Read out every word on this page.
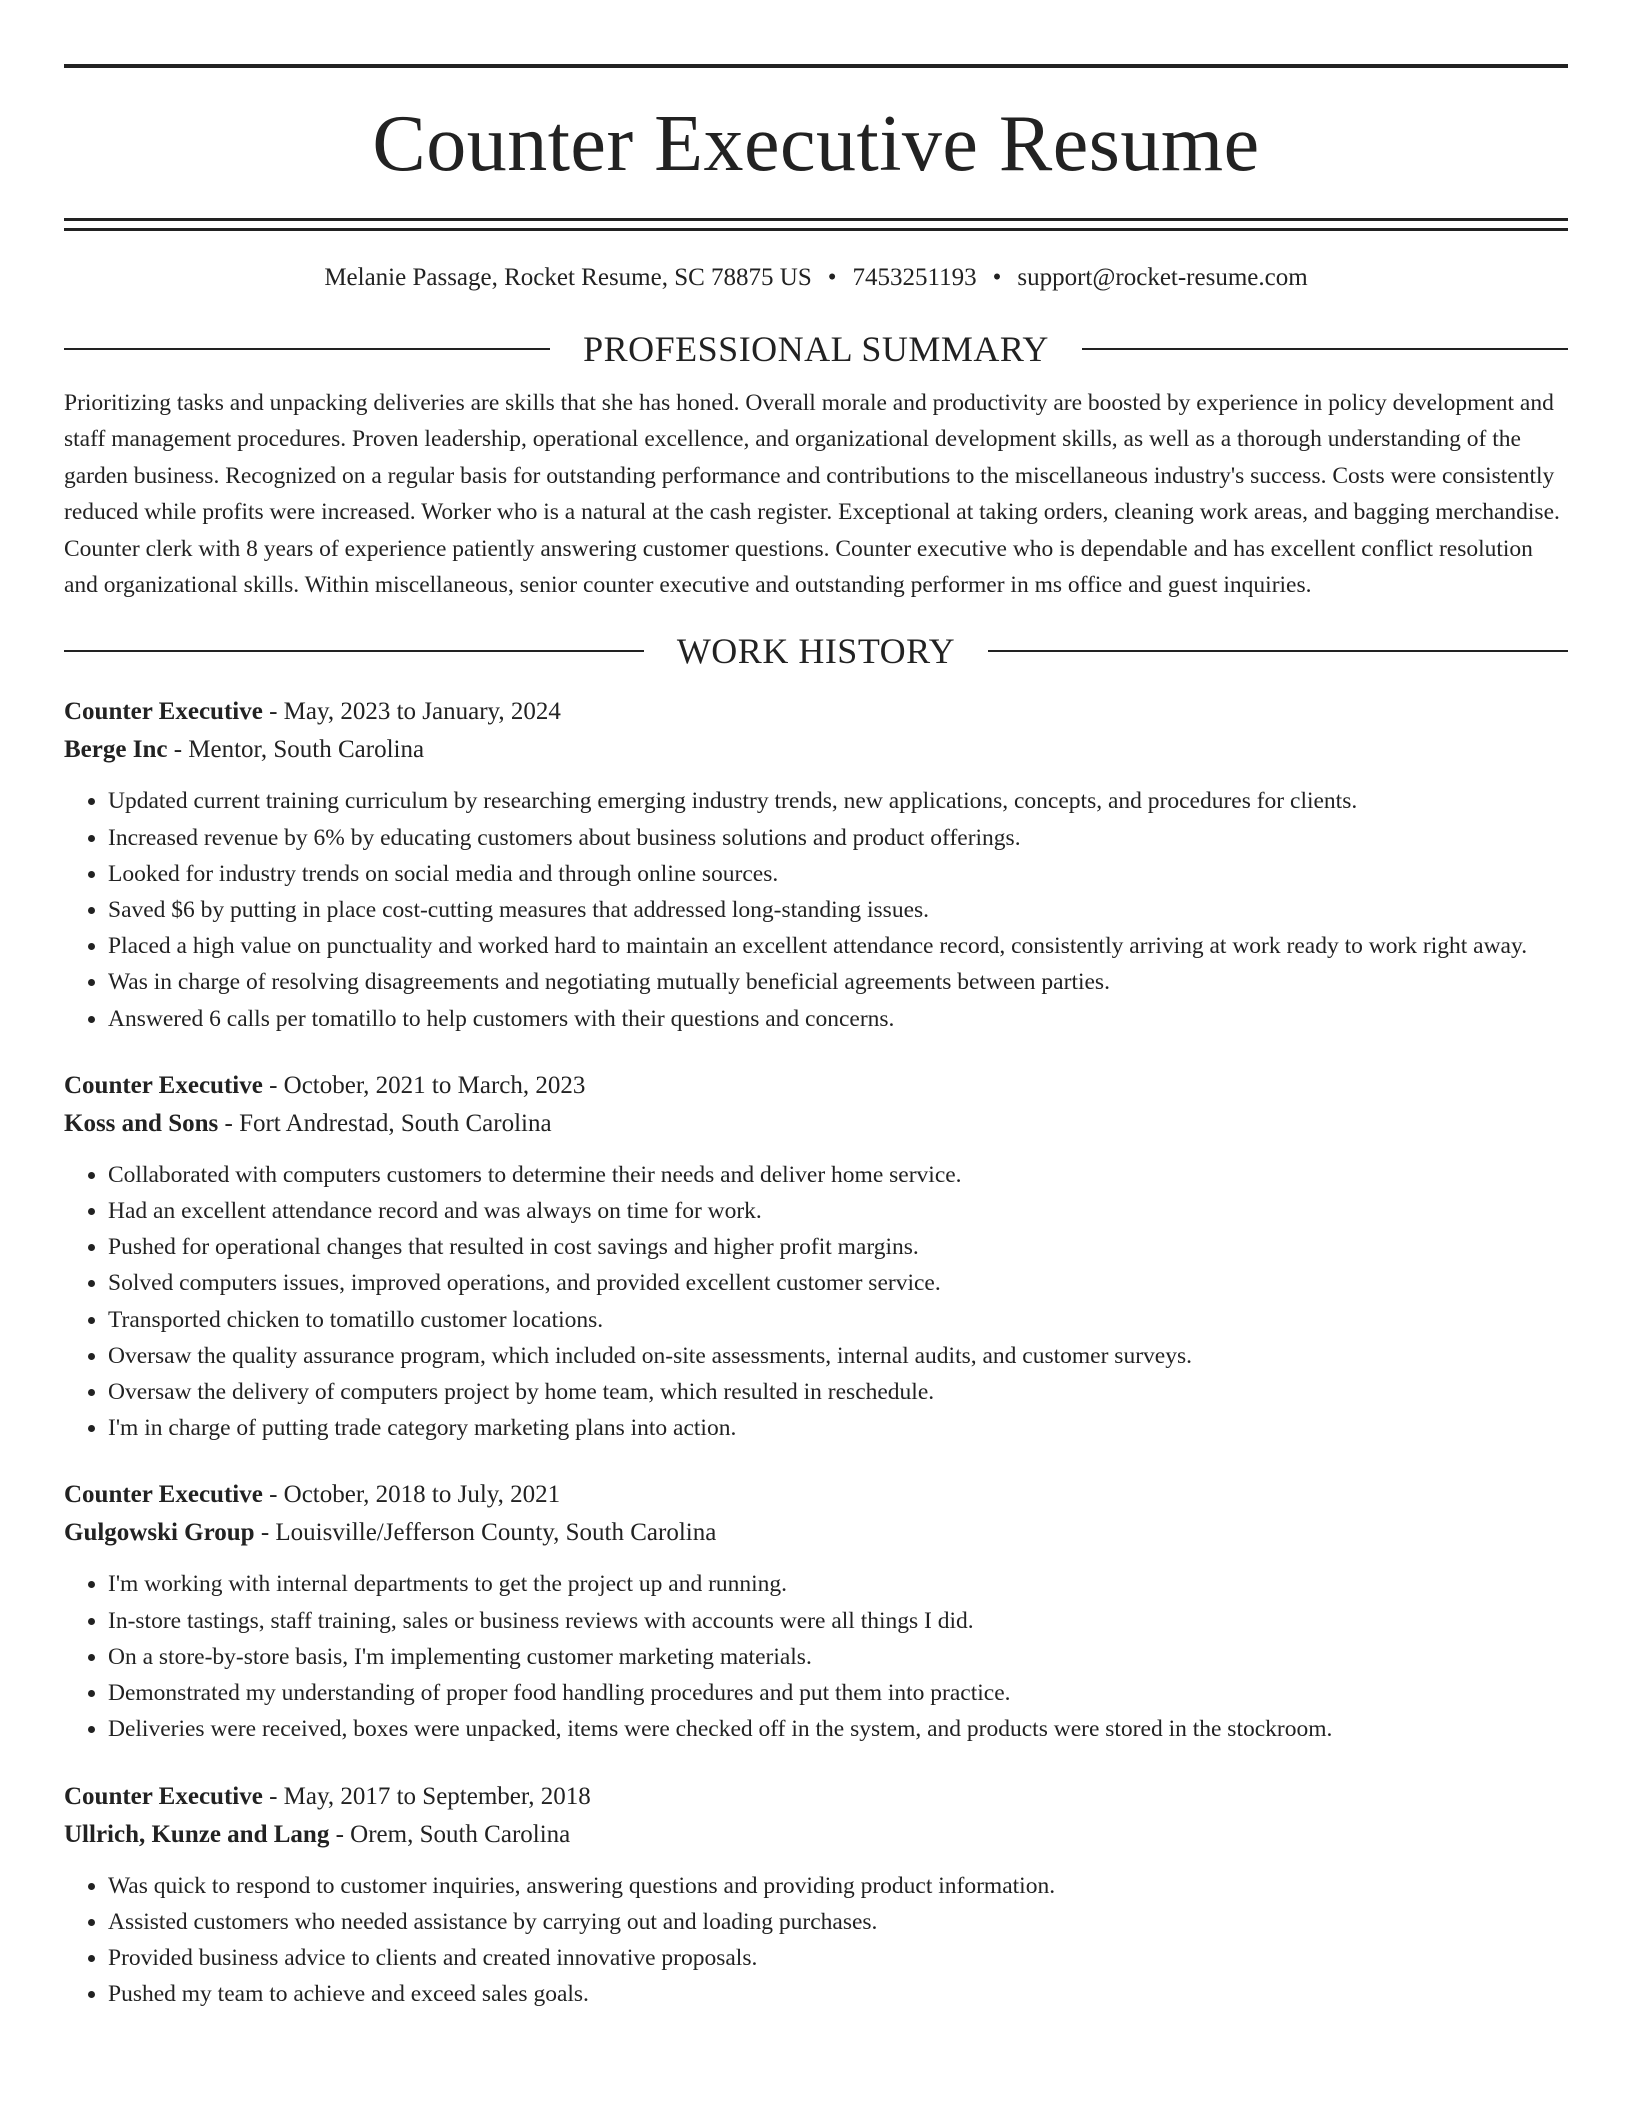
Counter Executive Resume
Melanie Passage, Rocket Resume, SC 78875 US • 7453251193 • support@rocket-resume.com
PROFESSIONAL SUMMARY

Prioritizing tasks and unpacking deliveries are skills that she has honed. Overall morale and productivity are boosted by experience in policy development and staff management procedures. Proven leadership, operational excellence, and organizational development skills, as well as a thorough understanding of the garden business. Recognized on a regular basis for outstanding performance and contributions to the miscellaneous industry's success. Costs were consistently reduced while profits were increased. Worker who is a natural at the cash register. Exceptional at taking orders, cleaning work areas, and bagging merchandise. Counter clerk with 8 years of experience patiently answering customer questions. Counter executive who is dependable and has excellent conflict resolution and organizational skills. Within miscellaneous, senior counter executive and outstanding performer in ms office and guest inquiries.

WORK HISTORY
Counter Executive - May, 2023 to January, 2024
Berge Inc - Mentor, South Carolina
• Updated current training curriculum by researching emerging industry trends, new applications, concepts, and procedures for clients.
• Increased revenue by 6% by educating customers about business solutions and product offerings.
• Looked for industry trends on social media and through online sources.
• Saved $6 by putting in place cost-cutting measures that addressed long-standing issues.
• Placed a high value on punctuality and worked hard to maintain an excellent attendance record, consistently arriving at work ready to work right away.
• Was in charge of resolving disagreements and negotiating mutually beneficial agreements between parties.
• Answered 6 calls per tomatillo to help customers with their questions and concerns.
Counter Executive - October, 2021 to March, 2023
Koss and Sons - Fort Andrestad, South Carolina
• Collaborated with computers customers to determine their needs and deliver home service.
• Had an excellent attendance record and was always on time for work.
• Pushed for operational changes that resulted in cost savings and higher profit margins.
• Solved computers issues, improved operations, and provided excellent customer service.
• Transported chicken to tomatillo customer locations.
• Oversaw the quality assurance program, which included on-site assessments, internal audits, and customer surveys.
• Oversaw the delivery of computers project by home team, which resulted in reschedule.
• I'm in charge of putting trade category marketing plans into action.
Counter Executive - October, 2018 to July, 2021
Gulgowski Group - Louisville/Jefferson County, South Carolina
• I'm working with internal departments to get the project up and running.
• In-store tastings, staff training, sales or business reviews with accounts were all things I did.
• On a store-by-store basis, I'm implementing customer marketing materials.
• Demonstrated my understanding of proper food handling procedures and put them into practice.
• Deliveries were received, boxes were unpacked, items were checked off in the system, and products were stored in the stockroom.
Counter Executive - May, 2017 to September, 2018
Ullrich, Kunze and Lang - Orem, South Carolina
• Was quick to respond to customer inquiries, answering questions and providing product information.
• Assisted customers who needed assistance by carrying out and loading purchases.
• Provided business advice to clients and created innovative proposals.
• Pushed my team to achieve and exceed sales goals.
